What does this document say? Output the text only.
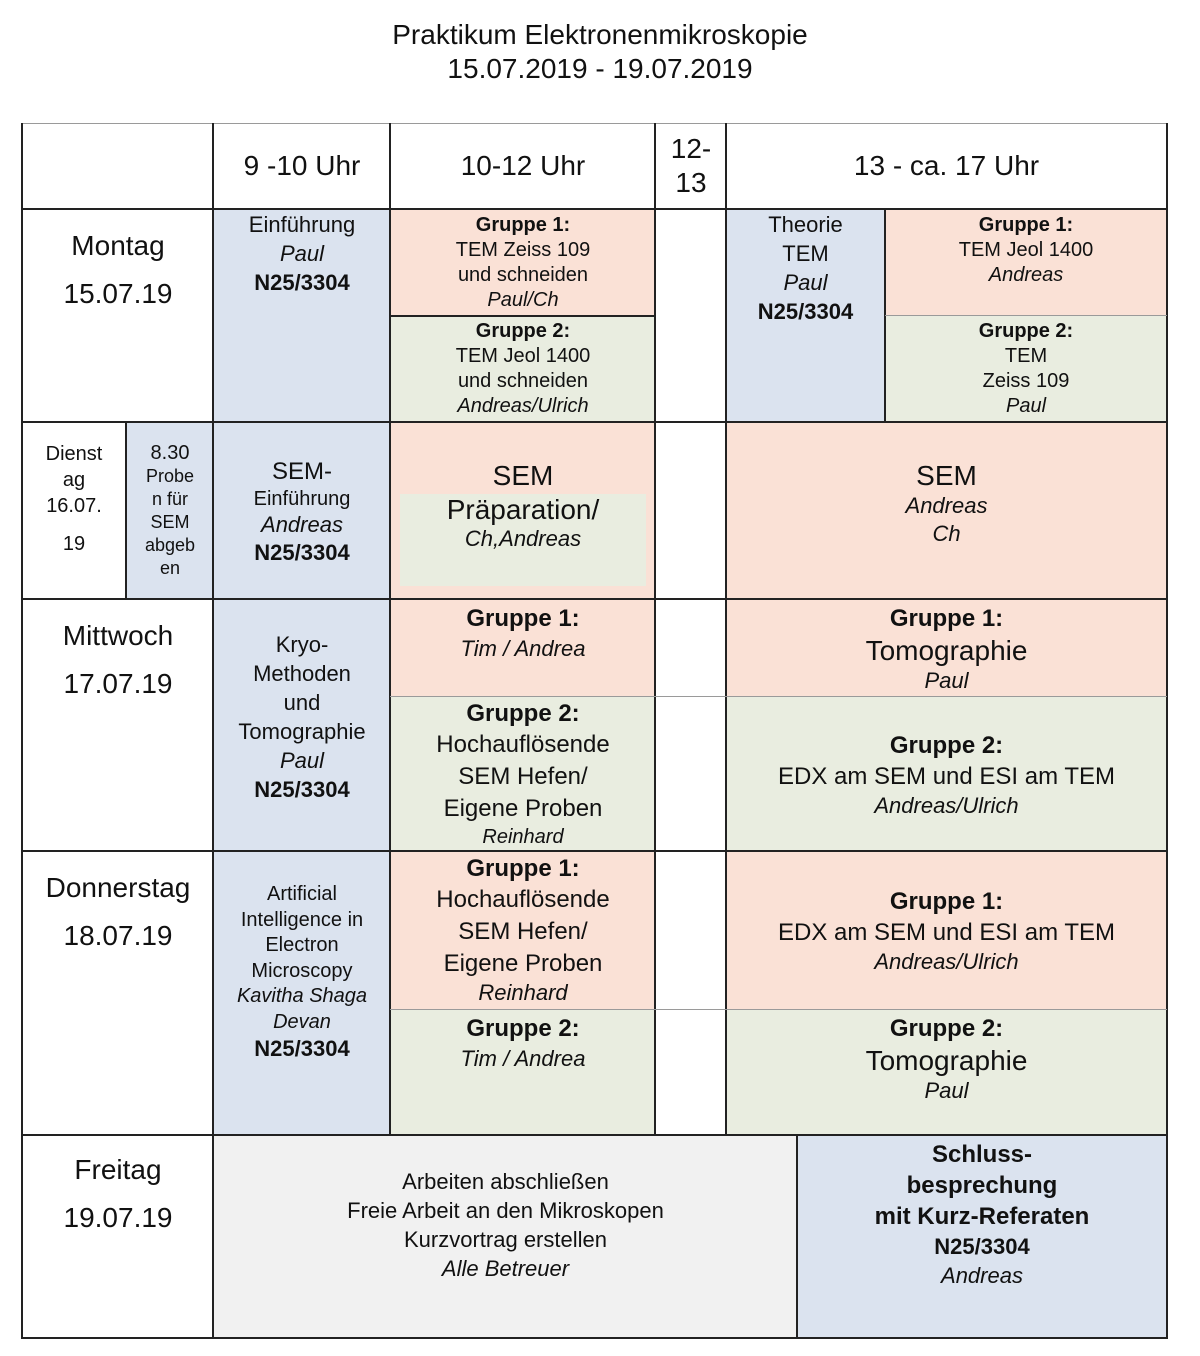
Praktikum Elektronenmikroskopie
15.07.2019 - 19.07.2019
9 -10 Uhr	10-12 Uhr
12-
13
13 - ca. 17 Uhr
Montag
15.07.19
Einführung
Paul
N25/3304
Gruppe 1:
TEM Zeiss 109
und schneiden
Paul/Ch
Gruppe 2:
TEM Jeol 1400
und schneiden
Andreas/Ulrich
Theorie
TEM
Paul
N25/3304
Gruppe 1:
TEM Jeol 1400
Andreas
Gruppe 2:
TEM
Zeiss 109
Paul
Dienst
ag
16.07.
19
8.30
Probe
n für
SEM
abgeb
en
SEM-
Einführung
Andreas
N25/3304
SEM
Präparation/
Ch,Andreas
SEM
Andreas
Ch
Mittwoch
17.07.19
Kryo-
Methoden
und
Tomographie
Paul
N25/3304
Gruppe 1:
Tim / Andrea
Gruppe 2:
Hochauflösende
SEM Hefen/
Eigene Proben
Reinhard
Gruppe 1:
Tomographie
Paul
Gruppe 2:
EDX am SEM und ESI am TEM
Andreas/Ulrich
Donnerstag
18.07.19
Artificial
Intelligence in
Electron
Microscopy
Kavitha Shaga
Devan
N25/3304
Gruppe 1:
Hochauflösende
SEM Hefen/
Eigene Proben
Reinhard
Gruppe 2:
Tim / Andrea
Gruppe 1:
EDX am SEM und ESI am TEM
Andreas/Ulrich
Gruppe 2:
Tomographie
Paul
Freitag
19.07.19
Arbeiten abschließen
Freie Arbeit an den Mikroskopen
Kurzvortrag erstellen
Alle Betreuer
Schluss-
besprechung
mit Kurz-Referaten
N25/3304
Andreas
